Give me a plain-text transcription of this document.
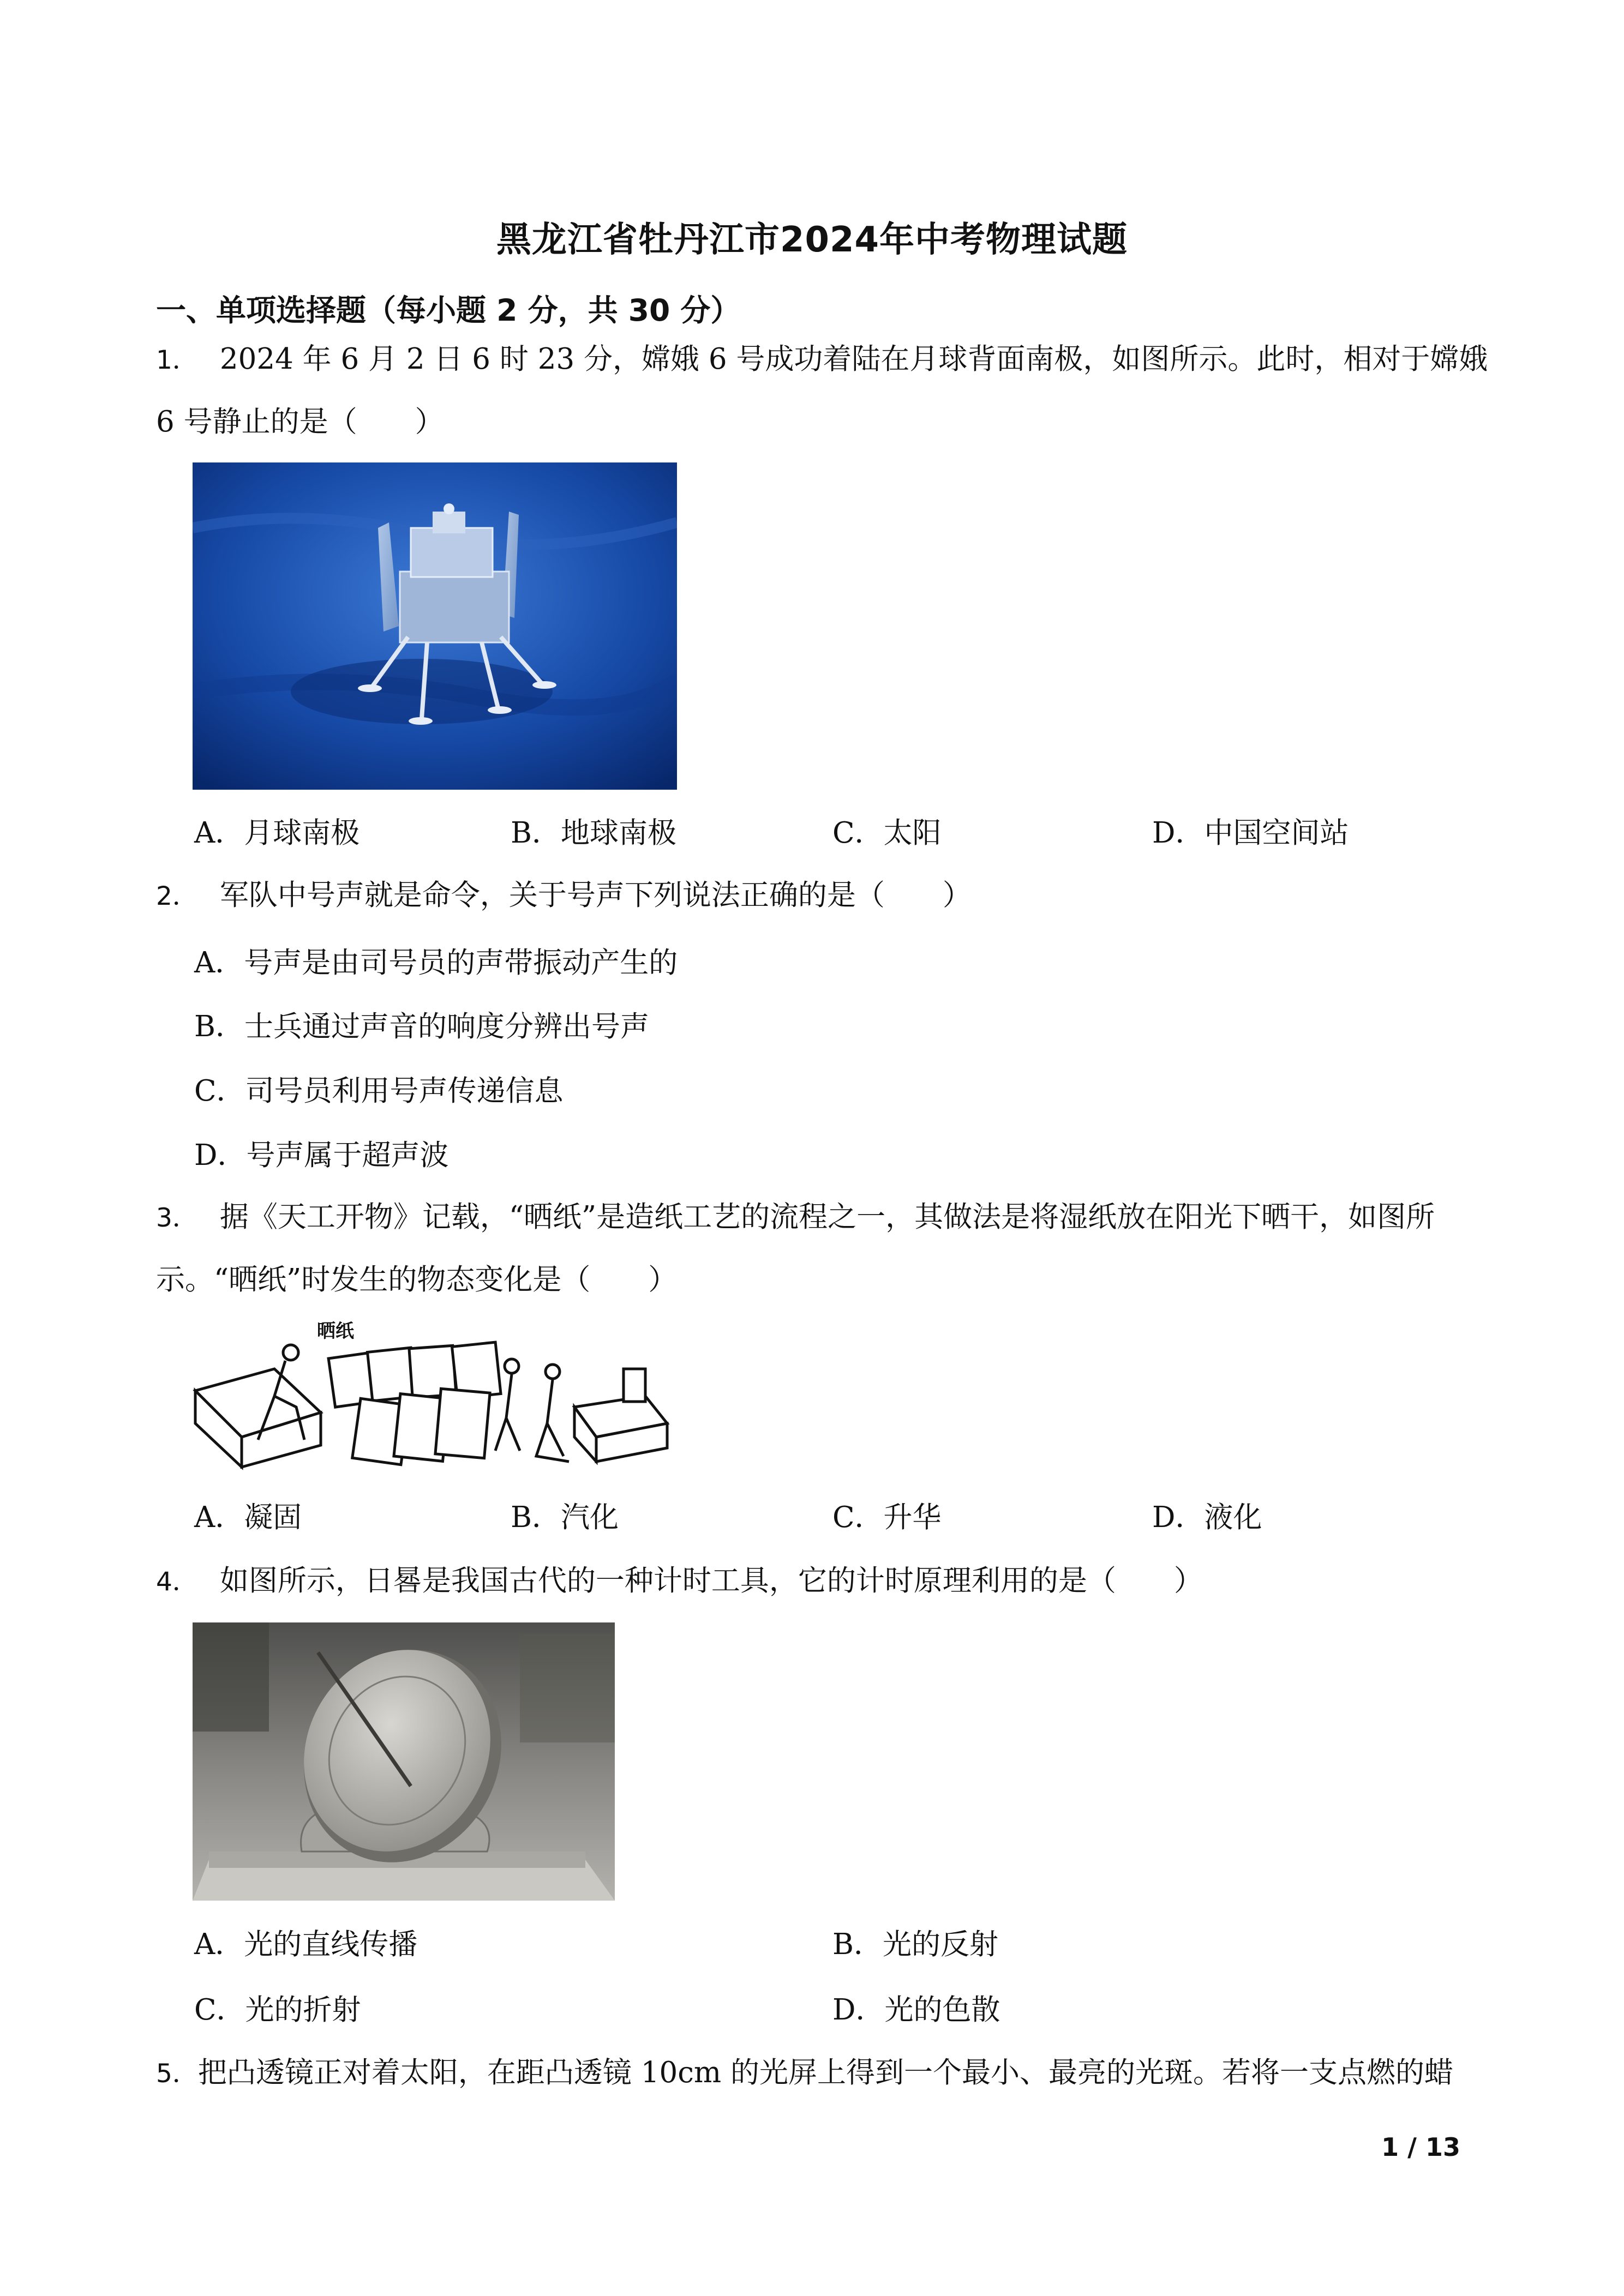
黑龙江省牡丹江市2024年中考物理试题
一、单项选择题（每小题 2 分，共 30 分）
1． 2024 年 6 月 2 日 6 时 23 分，嫦娥 6 号成功着陆在月球背面南极，如图所示。此时，相对于嫦娥
6 号静止的是（　　）
A．月球南极	B．地球南极	C．太阳	D．中国空间站
2． 军队中号声就是命令，关于号声下列说法正确的是（　　）
A．号声是由司号员的声带振动产生的
B．士兵通过声音的响度分辨出号声
C．司号员利用号声传递信息
D．号声属于超声波
3． 据《天工开物》记载，“晒纸”是造纸工艺的流程之一，其做法是将湿纸放在阳光下晒干，如图所
示。“晒纸”时发生的物态变化是（　　）
晒纸
A．凝固	B．汽化	C．升华	D．液化
4． 如图所示，日晷是我国古代的一种计时工具，它的计时原理利用的是（　　）
A．光的直线传播	B．光的反射
C．光的折射	D．光的色散
5．把凸透镜正对着太阳，在距凸透镜 10cm 的光屏上得到一个最小、最亮的光斑。若将一支点燃的蜡
1 / 13
